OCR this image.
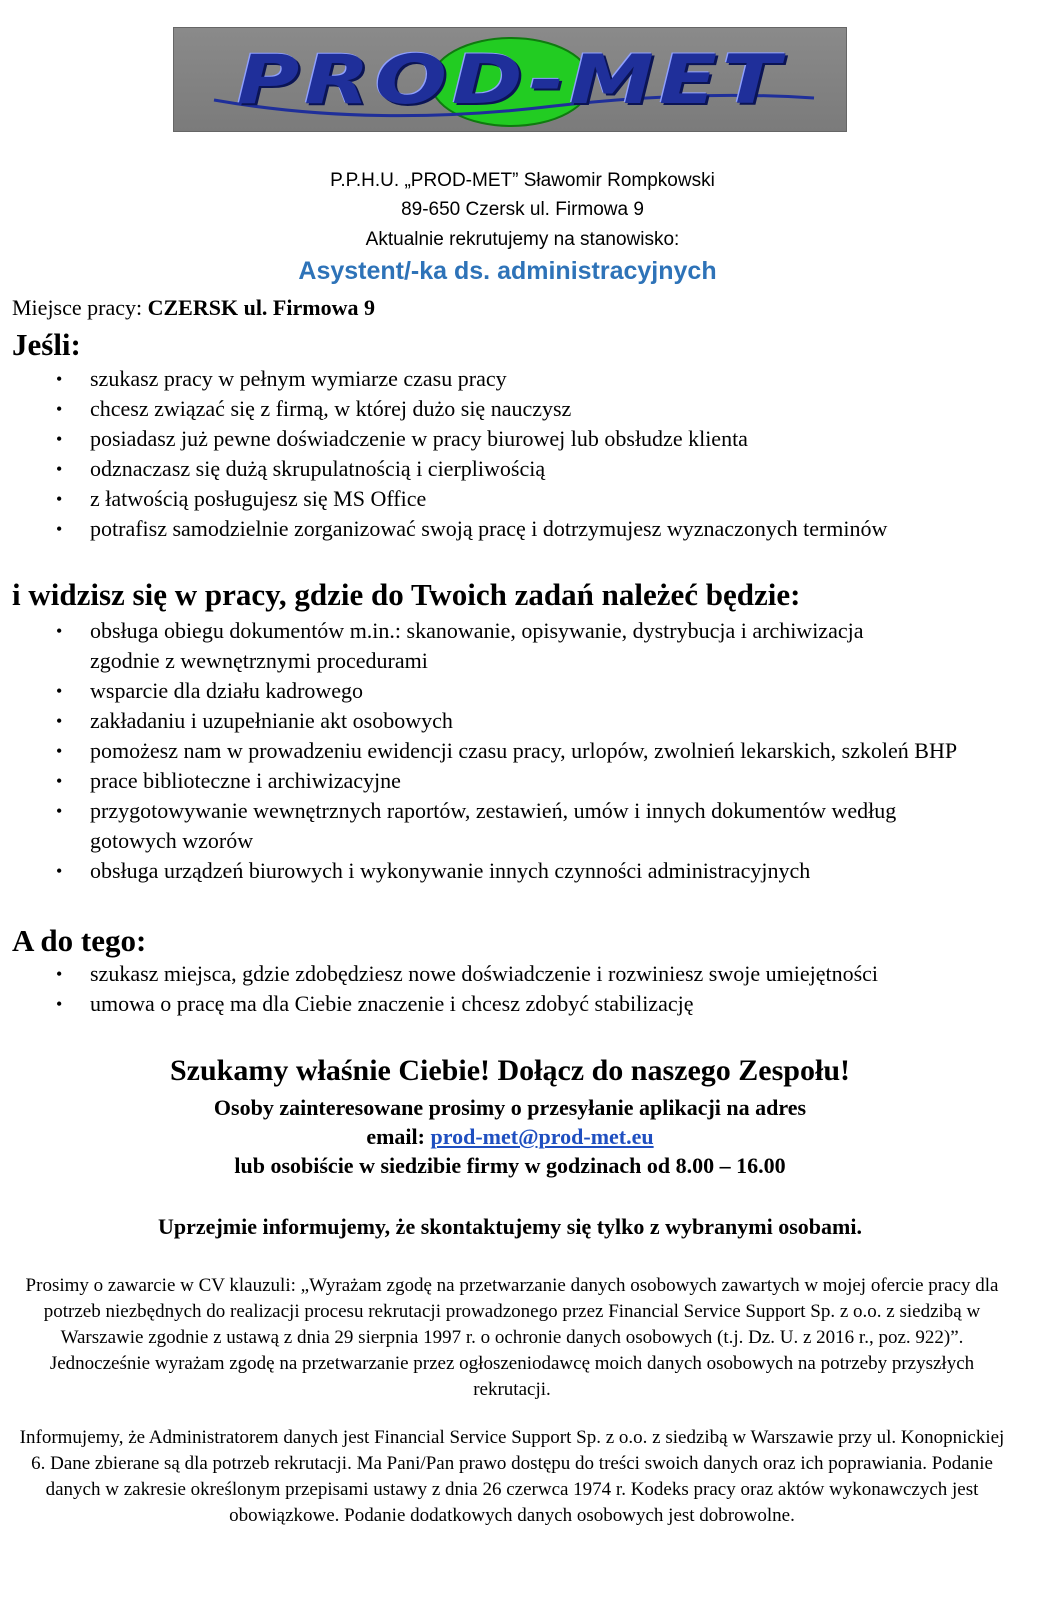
PROD-MET
P.P.H.U. „PROD-MET” Sławomir Rompkowski
89-650 Czersk ul. Firmowa 9
Aktualnie rekrutujemy na stanowisko:
Asystent/-ka ds. administracyjnych
Miejsce pracy: CZERSK ul. Firmowa 9
Jeśli:
• szukasz pracy w pełnym wymiarze czasu pracy
• chcesz związać się z firmą, w której dużo się nauczysz
• posiadasz już pewne doświadczenie w pracy biurowej lub obsłudze klienta
• odznaczasz się dużą skrupulatnością i cierpliwością
• z łatwością posługujesz się MS Office
• potrafisz samodzielnie zorganizować swoją pracę i dotrzymujesz wyznaczonych terminów
i widzisz się w pracy, gdzie do Twoich zadań należeć będzie:
• obsługa obiegu dokumentów m.in.: skanowanie, opisywanie, dystrybucja i archiwizacja zgodnie z wewnętrznymi procedurami
• wsparcie dla działu kadrowego
• zakładaniu i uzupełnianie akt osobowych
• pomożesz nam w prowadzeniu ewidencji czasu pracy, urlopów, zwolnień lekarskich, szkoleń BHP
• prace biblioteczne i archiwizacyjne
• przygotowywanie wewnętrznych raportów, zestawień, umów i innych dokumentów według gotowych wzorów
• obsługa urządzeń biurowych i wykonywanie innych czynności administracyjnych
A do tego:
• szukasz miejsca, gdzie zdobędziesz nowe doświadczenie i rozwiniesz swoje umiejętności
• umowa o pracę ma dla Ciebie znaczenie i chcesz zdobyć stabilizację
Szukamy właśnie Ciebie! Dołącz do naszego Zespołu!
Osoby zainteresowane prosimy o przesyłanie aplikacji na adres
email: prod-met@prod-met.eu
lub osobiście w siedzibie firmy w godzinach od 8.00 – 16.00
Uprzejmie informujemy, że skontaktujemy się tylko z wybranymi osobami.
Prosimy o zawarcie w CV klauzuli: „Wyrażam zgodę na przetwarzanie danych osobowych zawartych w mojej ofercie pracy dla potrzeb niezbędnych do realizacji procesu rekrutacji prowadzonego przez Financial Service Support Sp. z o.o. z siedzibą w Warszawie zgodnie z ustawą z dnia 29 sierpnia 1997 r. o ochronie danych osobowych (t.j. Dz. U. z 2016 r., poz. 922)”. Jednocześnie wyrażam zgodę na przetwarzanie przez ogłoszeniodawcę moich danych osobowych na potrzeby przyszłych rekrutacji.
Informujemy, że Administratorem danych jest Financial Service Support Sp. z o.o. z siedzibą w Warszawie przy ul. Konopnickiej 6. Dane zbierane są dla potrzeb rekrutacji. Ma Pani/Pan prawo dostępu do treści swoich danych oraz ich poprawiania. Podanie danych w zakresie określonym przepisami ustawy z dnia 26 czerwca 1974 r. Kodeks pracy oraz aktów wykonawczych jest obowiązkowe. Podanie dodatkowych danych osobowych jest dobrowolne.
